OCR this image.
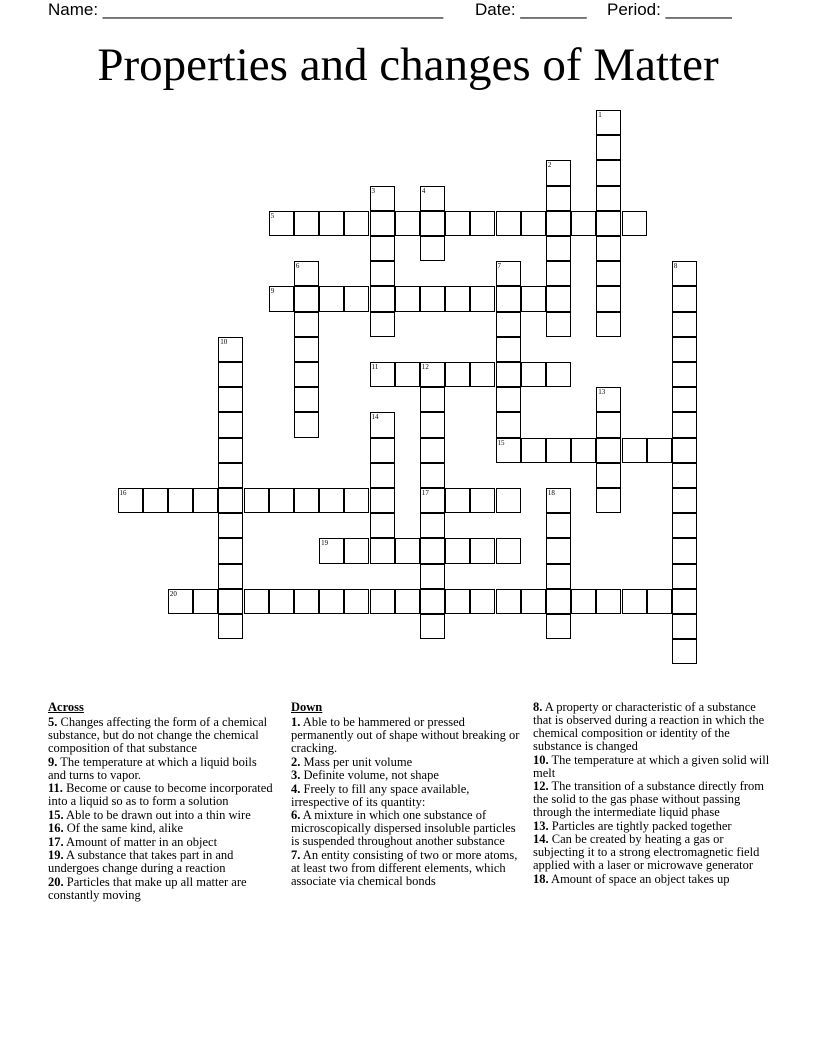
Name: ____________________________________ Date: _______ Period: _______
Properties and changes of Matter
1
2
3	4
5
6	7
15
8
9
10
11	12
17
13
14
16	18
19
20
Across
5. Changes affecting the form of a chemical substance, but do not change the chemical composition of that substance
9. The temperature at which a liquid boils and turns to vapor.
11. Become or cause to become incorporated into a liquid so as to form a solution
15. Able to be drawn out into a thin wire
16. Of the same kind, alike
17. Amount of matter in an object
19. A substance that takes part in and undergoes change during a reaction
20. Particles that make up all matter are constantly moving
Down
1. Able to be hammered or pressed permanently out of shape without breaking or cracking.
2. Mass per unit volume
3. Definite volume, not shape
4. Freely to fill any space available, irrespective of its quantity:
6. A mixture in which one substance of microscopically dispersed insoluble particles is suspended throughout another substance
7. An entity consisting of two or more atoms, at least two from different elements, which associate via chemical bonds
8. A property or characteristic of a substance that is observed during a reaction in which the chemical composition or identity of the substance is changed
10. The temperature at which a given solid will melt
12. The transition of a substance directly from the solid to the gas phase without passing through the intermediate liquid phase
13. Particles are tightly packed together
14. Can be created by heating a gas or subjecting it to a strong electromagnetic field applied with a laser or microwave generator
18. Amount of space an object takes up
